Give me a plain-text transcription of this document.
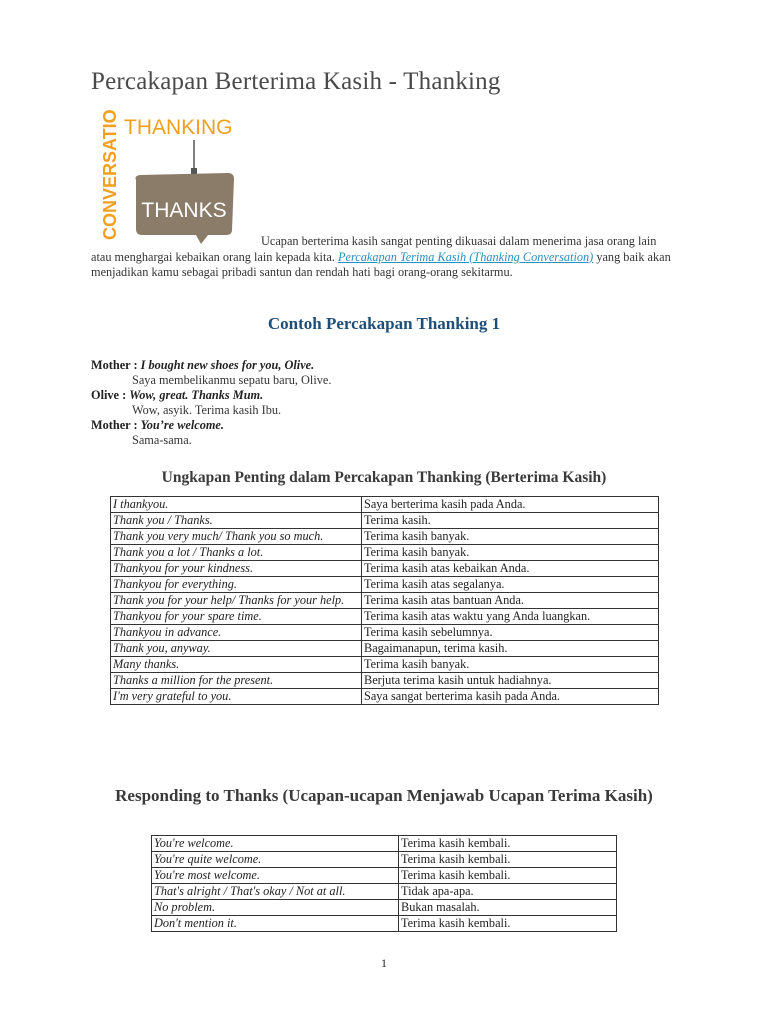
Percakapan Berterima Kasih - Thanking
CONVERSATION THANKING
THANKS
Ucapan berterima kasih sangat penting dikuasai dalam menerima jasa orang lain atau menghargai kebaikan orang lain kepada kita. Percakapan Terima Kasih (Thanking Conversation) yang baik akan menjadikan kamu sebagai pribadi santun dan rendah hati bagi orang-orang sekitarmu.
Contoh Percakapan Thanking 1
Mother : I bought new shoes for you, Olive.
Saya membelikanmu sepatu baru, Olive.
Olive : Wow, great. Thanks Mum.
Wow, asyik. Terima kasih Ibu.
Mother : You’re welcome.
Sama-sama.
Ungkapan Penting dalam Percakapan Thanking (Berterima Kasih)
I thankyou.	Saya berterima kasih pada Anda.
Thank you / Thanks.	Terima kasih.
Thank you very much/ Thank you so much.	Terima kasih banyak.
Thank you a lot / Thanks a lot.	Terima kasih banyak.
Thankyou for your kindness.	Terima kasih atas kebaikan Anda.
Thankyou for everything.	Terima kasih atas segalanya.
Thank you for your help/ Thanks for your help.	Terima kasih atas bantuan Anda.
Thankyou for your spare time.	Terima kasih atas waktu yang Anda luangkan.
Thankyou in advance.	Terima kasih sebelumnya.
Thank you, anyway.	Bagaimanapun, terima kasih.
Many thanks.	Terima kasih banyak.
Thanks a million for the present.	Berjuta terima kasih untuk hadiahnya.
I'm very grateful to you.	Saya sangat berterima kasih pada Anda.
Responding to Thanks (Ucapan-ucapan Menjawab Ucapan Terima Kasih)
You're welcome.	Terima kasih kembali.
You're quite welcome.	Terima kasih kembali.
You're most welcome.	Terima kasih kembali.
That's alright / That's okay / Not at all.	Tidak apa-apa.
No problem.	Bukan masalah.
Don't mention it.	Terima kasih kembali.
1
